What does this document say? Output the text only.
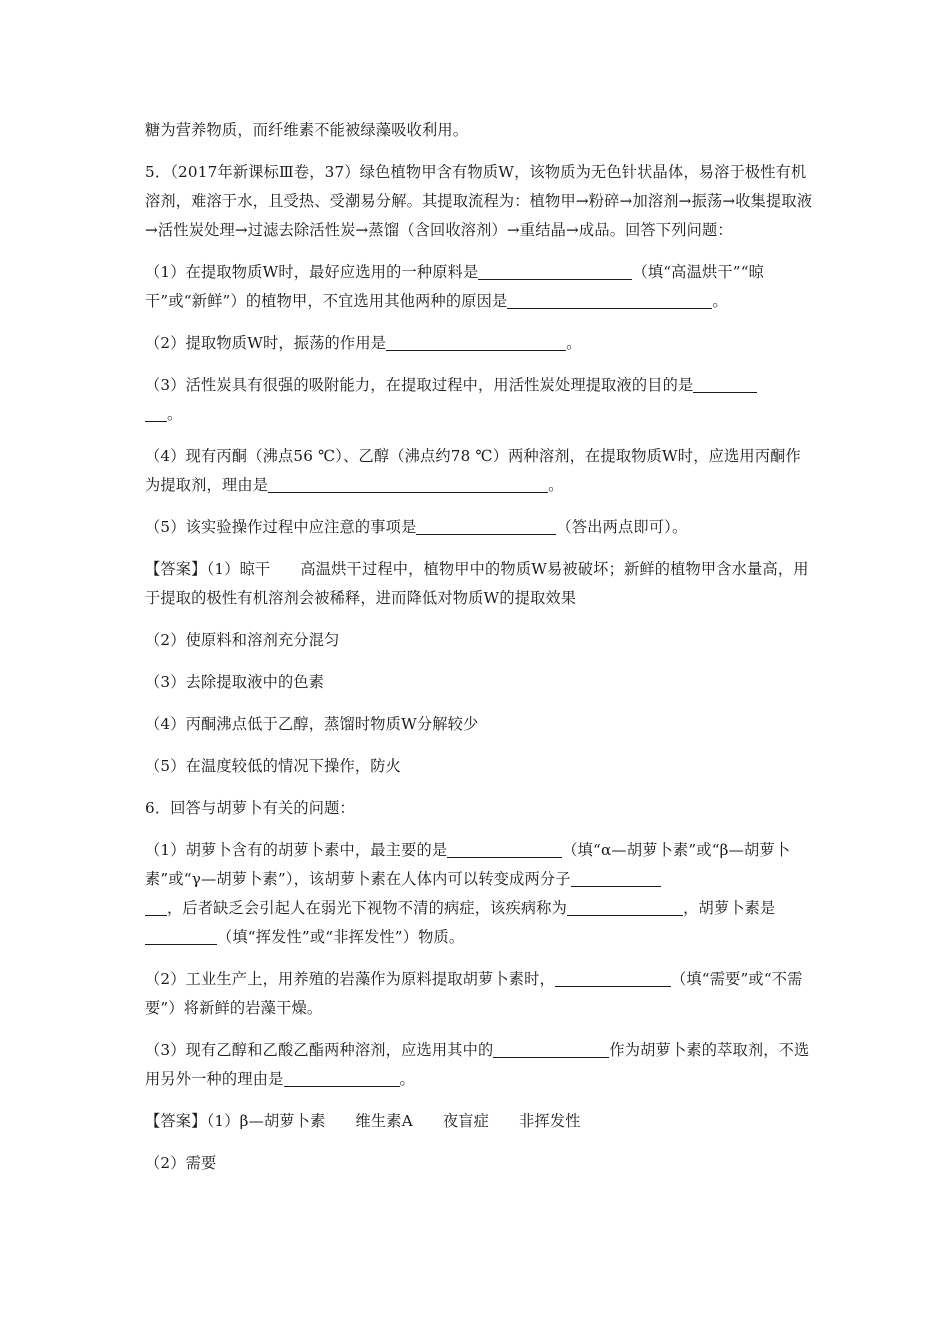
糖为营养物质，而纤维素不能被绿藻吸收利用。

5．（2017年新课标Ⅲ卷，37）绿色植物甲含有物质W，该物质为无色针状晶体，易溶于极性有机溶剂，难溶于水，且受热、受潮易分解。其提取流程为：植物甲→粉碎→加溶剂→振荡→收集提取液→活性炭处理→过滤去除活性炭→蒸馏（含回收溶剂）→重结晶→成品。回答下列问题：

（1）在提取物质W时，最好应选用的一种原料是	（填“高温烘干”“晾干”或“新鲜”）的植物甲，不宜选用其他两种的原因是	。

（2）提取物质W时，振荡的作用是	。

（3）活性炭具有很强的吸附能力，在提取过程中，用活性炭处理提取液的目的是
。

（4）现有丙酮（沸点56 ℃）、乙醇（沸点约78 ℃）两种溶剂，在提取物质W时，应选用丙酮作为提取剂，理由是	。

（5）该实验操作过程中应注意的事项是	（答出两点即可）。

【答案】（1）晾干 高温烘干过程中，植物甲中的物质W易被破坏；新鲜的植物甲含水量高，用于提取的极性有机溶剂会被稀释，进而降低对物质W的提取效果

（2）使原料和溶剂充分混匀

（3）去除提取液中的色素

（4）丙酮沸点低于乙醇，蒸馏时物质W分解较少

（5）在温度较低的情况下操作，防火

6．回答与胡萝卜有关的问题：

（1）胡萝卜含有的胡萝卜素中，最主要的是	（填“α—胡萝卜素”或“β—胡萝卜素”或“γ—胡萝卜素”），该胡萝卜素在人体内可以转变成两分子
，后者缺乏会引起人在弱光下视物不清的病症，该疾病称为	，胡萝卜素是（填“挥发性”或“非挥发性”）物质。

（2）工业生产上，用养殖的岩藻作为原料提取胡萝卜素时，	（填“需要”或“不需要”）将新鲜的岩藻干燥。

（3）现有乙醇和乙酸乙酯两种溶剂，应选用其中的	作为胡萝卜素的萃取剂，不选用另外一种的理由是	。

【答案】（1）β—胡萝卜素 维生素A 夜盲症 非挥发性

（2）需要
